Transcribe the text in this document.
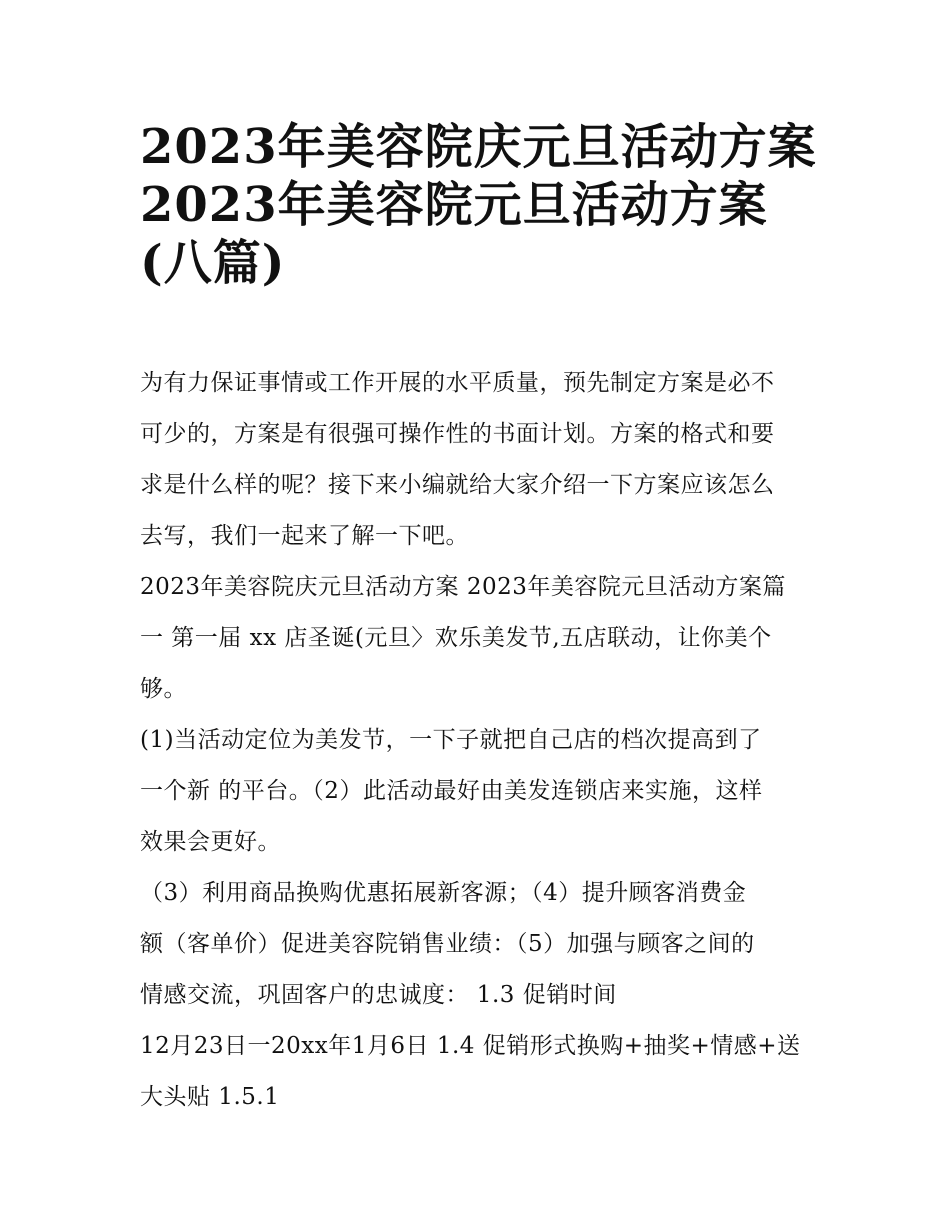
2023年美容院庆元旦活动方案
2023年美容院元旦活动方案
(八篇)

为有力保证事情或工作开展的水平质量，预先制定方案是必不
可少的，方案是有很强可操作性的书面计划。方案的格式和要
求是什么样的呢？接下来小编就给大家介绍一下方案应该怎么
去写，我们一起来了解一下吧。

2023年美容院庆元旦活动方案 2023年美容院元旦活动方案篇
一 第一届 xx 店圣诞(元旦〉欢乐美发节,五店联动，让你美个
够。

(1)当活动定位为美发节，一下子就把自己店的档次提高到了
一个新 的平台。（2）此活动最好由美发连锁店来实施，这样
效果会更好。

（3）利用商品换购优惠拓展新客源；（4）提升顾客消费金
额（客单价）促进美容院销售业绩：（5）加强与顾客之间的
情感交流，巩固客户的忠诚度： 1.3 促销时间

12月23日一20xx年1月6日 1.4 促销形式换购+抽奖+情感+送
大头贴 1.5.1
